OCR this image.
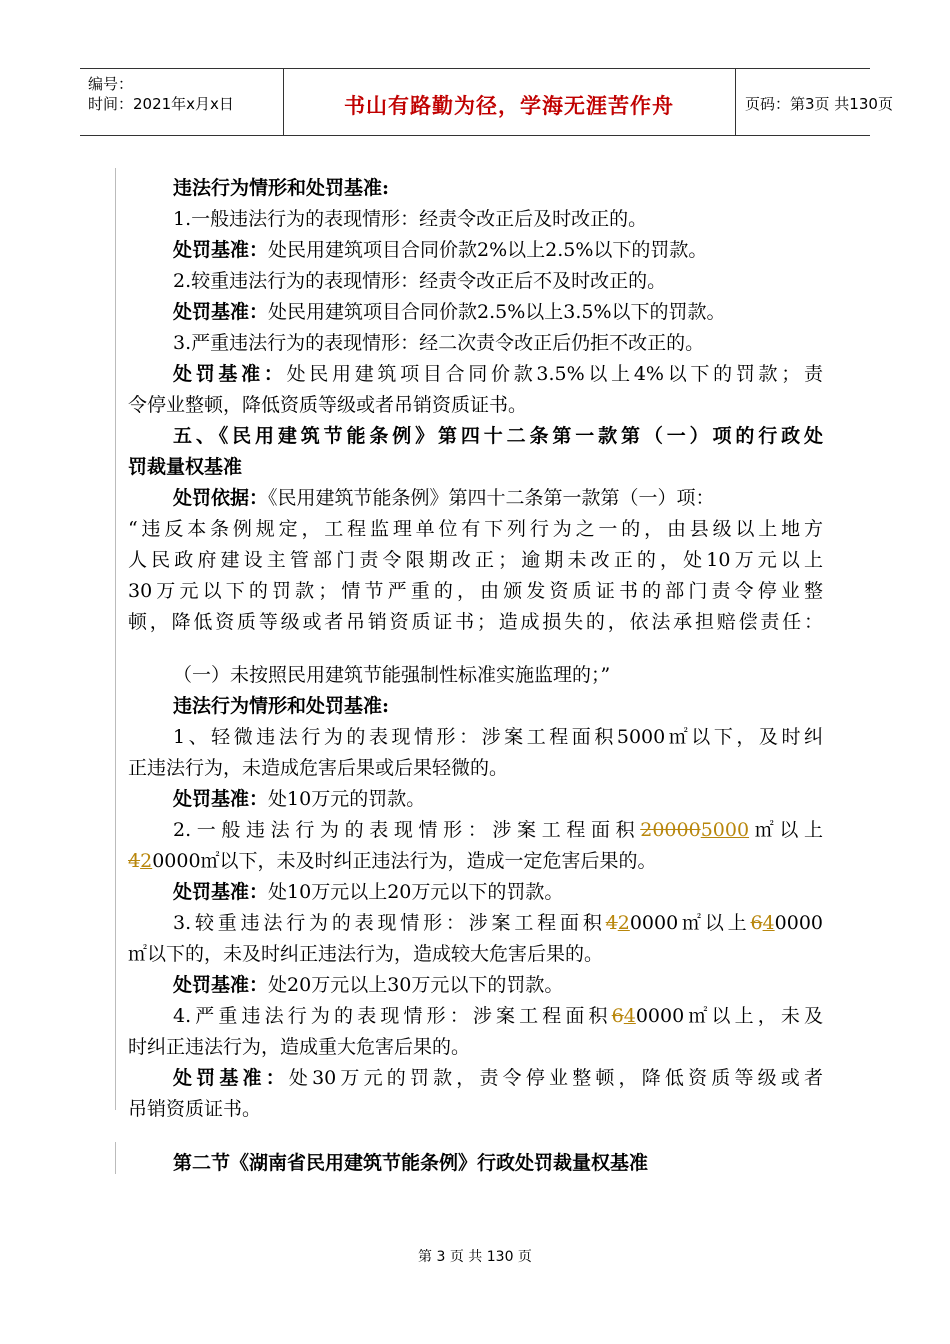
编号：
时间：2021年x月x日	书山有路勤为径，学海无涯苦作舟	页码：第3页 共130页
违法行为情形和处罚基准:
1.一般违法行为的表现情形：经责令改正后及时改正的。
处罚基准：处民用建筑项目合同价款2%以上2.5%以下的罚款。
2.较重违法行为的表现情形：经责令改正后不及时改正的。
处罚基准：处民用建筑项目合同价款2.5%以上3.5%以下的罚款。
3.严重违法行为的表现情形：经二次责令改正后仍拒不改正的。
处罚基准：处民用建筑项目合同价款3.5%以上4%以下的罚款；责
令停业整顿，降低资质等级或者吊销资质证书。
五、《民用建筑节能条例》第四十二条第一款第（一）项的行政处
罚裁量权基准
处罚依据：《民用建筑节能条例》第四十二条第一款第（一）项：
“违反本条例规定，工程监理单位有下列行为之一的，由县级以上地方
人民政府建设主管部门责令限期改正；逾期未改正的，处10万元以上
30万元以下的罚款；情节严重的，由颁发资质证书的部门责令停业整
顿，降低资质等级或者吊销资质证书；造成损失的，依法承担赔偿责任：
（一）未按照民用建筑节能强制性标准实施监理的；”
违法行为情形和处罚基准:
1、轻微违法行为的表现情形：涉案工程面积5000㎡以下，及时纠
正违法行为，未造成危害后果或后果轻微的。
处罚基准：处10万元的罚款。
2.一般违法行为的表现情形：涉案工程面积200005000㎡以上
420000㎡以下，未及时纠正违法行为，造成一定危害后果的。
处罚基准：处10万元以上20万元以下的罚款。
3.较重违法行为的表现情形：涉案工程面积420000㎡以上640000
㎡以下的，未及时纠正违法行为，造成较大危害后果的。
处罚基准：处20万元以上30万元以下的罚款。
4.严重违法行为的表现情形：涉案工程面积640000㎡以上，未及
时纠正违法行为，造成重大危害后果的。
处罚基准：处30万元的罚款，责令停业整顿，降低资质等级或者
吊销资质证书。
第二节《湖南省民用建筑节能条例》行政处罚裁量权基准
第 3 页 共 130 页
